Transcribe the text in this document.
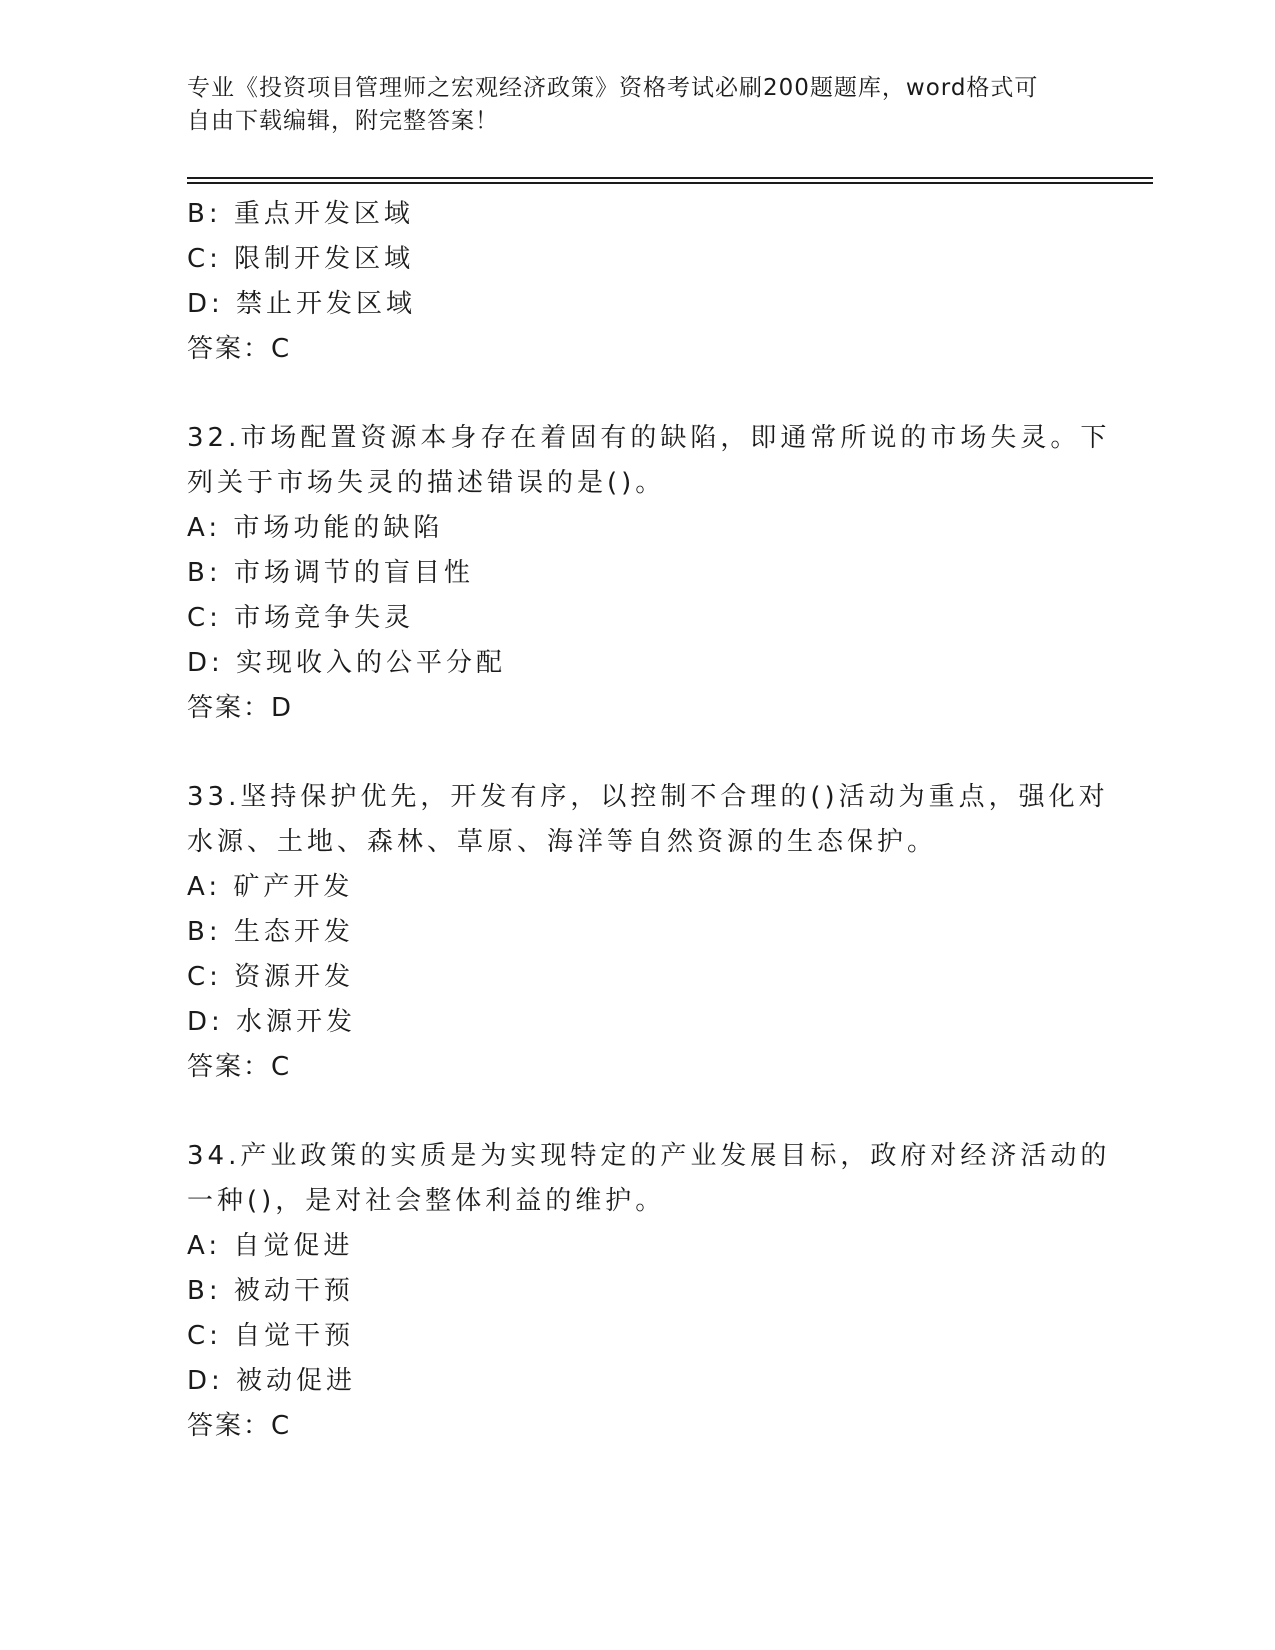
专业《投资项目管理师之宏观经济政策》资格考试必刷200题题库，word格式可
自由下载编辑，附完整答案！
B: 重点开发区域
C: 限制开发区域
D: 禁止开发区域
答案：C
32.市场配置资源本身存在着固有的缺陷，即通常所说的市场失灵。下
列关于市场失灵的描述错误的是()。
A: 市场功能的缺陷
B: 市场调节的盲目性
C: 市场竞争失灵
D: 实现收入的公平分配
答案：D
33.坚持保护优先，开发有序，以控制不合理的()活动为重点，强化对
水源、土地、森林、草原、海洋等自然资源的生态保护。
A: 矿产开发
B: 生态开发
C: 资源开发
D: 水源开发
答案：C
34.产业政策的实质是为实现特定的产业发展目标，政府对经济活动的
一种()，是对社会整体利益的维护。
A: 自觉促进
B: 被动干预
C: 自觉干预
D: 被动促进
答案：C
